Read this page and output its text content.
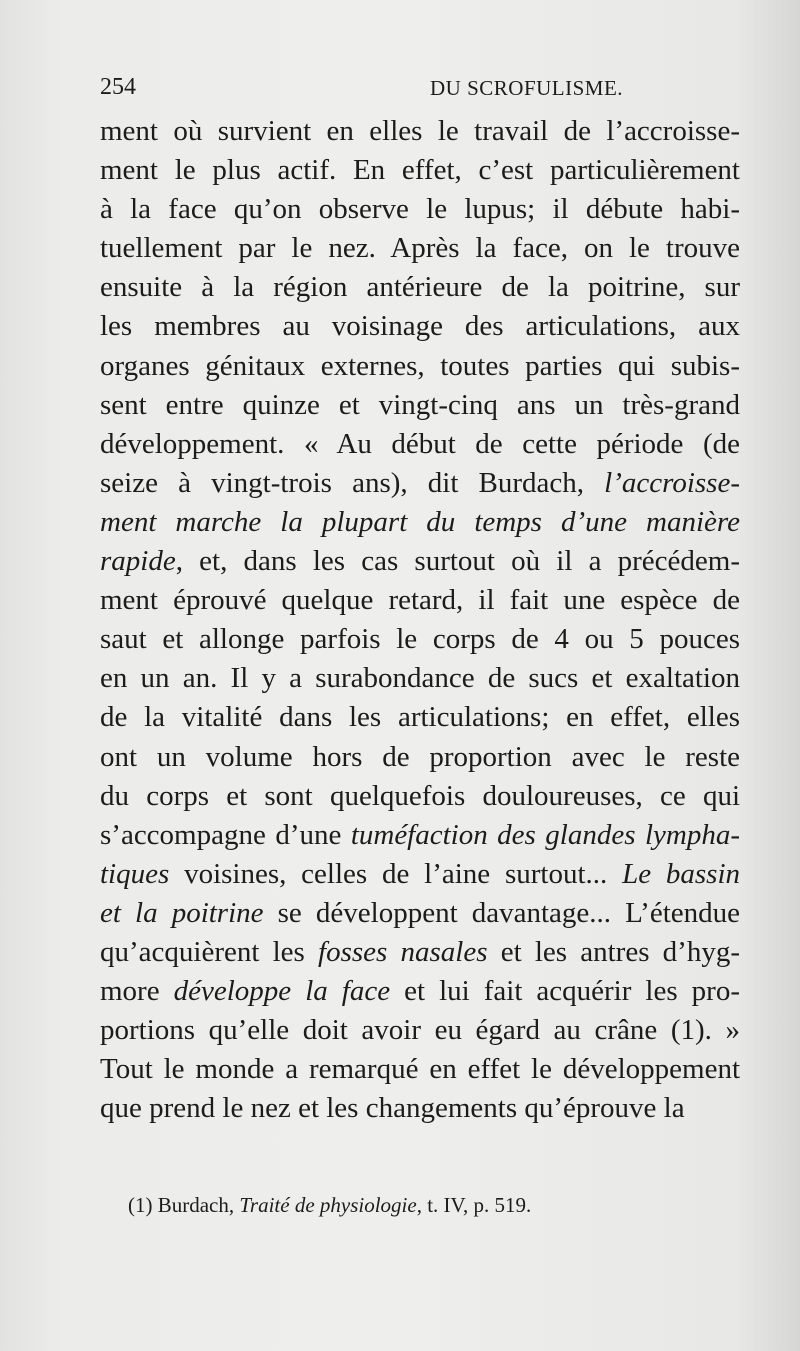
254	DU SCROFULISME.
ment où survient en elles le travail de l’accroisse-
ment le plus actif. En effet, c’est particulièrement
à la face qu’on observe le lupus; il débute habi-
tuellement par le nez. Après la face, on le trouve
ensuite à la région antérieure de la poitrine, sur
les membres au voisinage des articulations, aux
organes génitaux externes, toutes parties qui subis-
sent entre quinze et vingt-cinq ans un très-grand
développement. « Au début de cette période (de
seize à vingt-trois ans), dit Burdach, l’accroisse-
ment marche la plupart du temps d’une manière
rapide, et, dans les cas surtout où il a précédem-
ment éprouvé quelque retard, il fait une espèce de
saut et allonge parfois le corps de 4 ou 5 pouces
en un an. Il y a surabondance de sucs et exaltation
de la vitalité dans les articulations; en effet, elles
ont un volume hors de proportion avec le reste
du corps et sont quelquefois douloureuses, ce qui
s’accompagne d’une tuméfaction des glandes lympha-
tiques voisines, celles de l’aine surtout... Le bassin
et la poitrine se développent davantage... L’étendue
qu’acquièrent les fosses nasales et les antres d’hyg-
more développe la face et lui fait acquérir les pro-
portions qu’elle doit avoir eu égard au crâne (1). »
Tout le monde a remarqué en effet le développement
que prend le nez et les changements qu’éprouve la
(1) Burdach, Traité de physiologie, t. IV, p. 519.
